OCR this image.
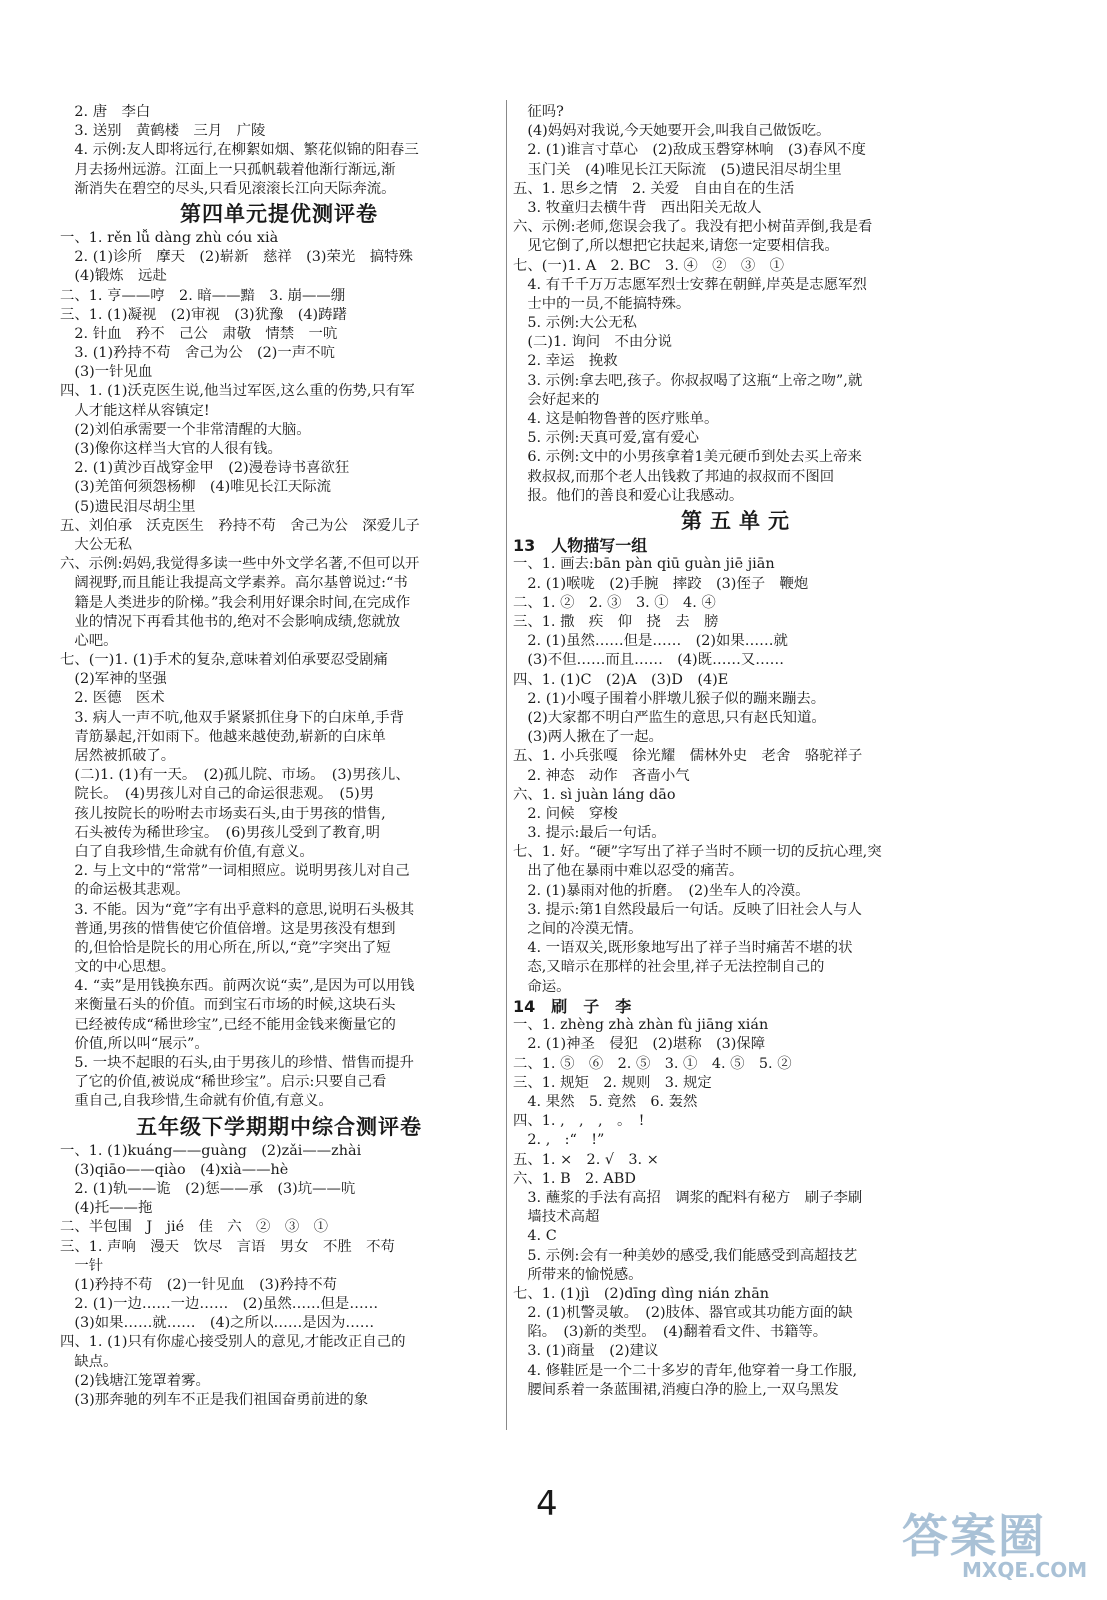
　2. 唐　李白
　3. 送别　黄鹤楼　三月　广陵
　4. 示例:友人即将远行,在柳絮如烟、繁花似锦的阳春三
　月去扬州远游。江面上一只孤帆载着他渐行渐远,渐
　渐消失在碧空的尽头,只看见滚滚长江向天际奔流。
第四单元提优测评卷
一、1. rěn lǚ dàng zhù cóu xià
　2. (1)诊所　摩天　(2)崭新　慈祥　(3)荣光　搞特殊
　(4)锻炼　远赴
二、1. 亨——哼　2. 暗——黯　3. 崩——绷
三、1. (1)凝视　(2)审视　(3)犹豫　(4)踌躇
　2. 针血　矜不　己公　肃敬　情禁　一吭
　3. (1)矜持不苟　舍己为公　(2)一声不吭
　(3)一针见血
四、1. (1)沃克医生说,他当过军医,这么重的伤势,只有军
　人才能这样从容镇定!
　(2)刘伯承需要一个非常清醒的大脑。
　(3)像你这样当大官的人很有钱。
　2. (1)黄沙百战穿金甲　(2)漫卷诗书喜欲狂
　(3)羌笛何须怨杨柳　(4)唯见长江天际流
　(5)遗民泪尽胡尘里
五、刘伯承　沃克医生　矜持不苟　舍己为公　深爱儿子
　大公无私
六、示例:妈妈,我觉得多读一些中外文学名著,不但可以开
　阔视野,而且能让我提高文学素养。高尔基曾说过:“书
　籍是人类进步的阶梯。”我会利用好课余时间,在完成作
　业的情况下再看其他书的,绝对不会影响成绩,您就放
　心吧。
七、(一)1. (1)手术的复杂,意味着刘伯承要忍受剧痛
　(2)军神的坚强
　2. 医德　医术
　3. 病人一声不吭,他双手紧紧抓住身下的白床单,手背
　青筋暴起,汗如雨下。他越来越使劲,崭新的白床单
　居然被抓破了。
　(二)1. (1)有一天。　(2)孤儿院、市场。　(3)男孩儿、
　院长。　(4)男孩儿对自己的命运很悲观。　(5)男
　孩儿按院长的吩咐去市场卖石头,由于男孩的惜售,
　石头被传为稀世珍宝。　(6)男孩儿受到了教育,明
　白了自我珍惜,生命就有价值,有意义。
　2. 与上文中的“常常”一词相照应。说明男孩儿对自己
　的命运极其悲观。
　3. 不能。因为“竟”字有出乎意料的意思,说明石头极其
　普通,男孩的惜售使它价值倍增。这是男孩没有想到
　的,但恰恰是院长的用心所在,所以,“竟”字突出了短
　文的中心思想。
　4. “卖”是用钱换东西。前两次说“卖”,是因为可以用钱
　来衡量石头的价值。而到宝石市场的时候,这块石头
　已经被传成“稀世珍宝”,已经不能用金钱来衡量它的
　价值,所以叫“展示”。
　5. 一块不起眼的石头,由于男孩儿的珍惜、惜售而提升
　了它的价值,被说成“稀世珍宝”。启示:只要自己看
　重自己,自我珍惜,生命就有价值,有意义。
五年级下学期期中综合测评卷
一、1. (1)kuáng——guàng　(2)zǎi——zhài
　(3)qiāo——qiào　(4)xià——hè
　2. (1)轨——诡　(2)惩——承　(3)坑——吭
　(4)托——拖
二、半包围　J　jié　佳　六　②　③　①
三、1. 声响　漫天　饮尽　言语　男女　不胜　不苟
　一针
　(1)矜持不苟　(2)一针见血　(3)矜持不苟
　2. (1)一边……一边……　(2)虽然……但是……
　(3)如果……就……　(4)之所以……是因为……
四、1. (1)只有你虚心接受别人的意见,才能改正自己的
　缺点。
　(2)钱塘江笼罩着雾。
　(3)那奔驰的列车不正是我们祖国奋勇前进的象
　征吗?
　(4)妈妈对我说,今天她要开会,叫我自己做饭吃。
　2. (1)谁言寸草心　(2)敌成玉磬穿林响　(3)春风不度
　玉门关　(4)唯见长江天际流　(5)遗民泪尽胡尘里
五、1. 思乡之情　2. 关爱　自由自在的生活
　3. 牧童归去横牛背　西出阳关无故人
六、示例:老师,您误会我了。我没有把小树苗弄倒,我是看
　见它倒了,所以想把它扶起来,请您一定要相信我。
七、(一)1. A　2. BC　3. ④　②　③　①
　4. 有千千万万志愿军烈士安葬在朝鲜,岸英是志愿军烈
　士中的一员,不能搞特殊。
　5. 示例:大公无私
　(二)1. 询问　不由分说
　2. 幸运　挽救
　3. 示例:拿去吧,孩子。你叔叔喝了这瓶“上帝之吻”,就
　会好起来的
　4. 这是帕物鲁普的医疗账单。
　5. 示例:天真可爱,富有爱心
　6. 示例:文中的小男孩拿着1美元硬币到处去买上帝来
　救叔叔,而那个老人出钱救了邦迪的叔叔而不图回
　报。他们的善良和爱心让我感动。
第五单元
13　人物描写一组
一、1. 画去:bān pàn qiū guàn jiē jiān
　2. (1)喉咙　(2)手腕　摔跤　(3)侄子　鞭炮
二、1. ②　2. ③　3. ①　4. ④
三、1. 撒　疾　仰　挠　去　膀
　2. (1)虽然……但是……　(2)如果……就
　(3)不但……而且……　(4)既……又……
四、1. (1)C　(2)A　(3)D　(4)E
　2. (1)小嘎子围着小胖墩儿猴子似的蹦来蹦去。
　(2)大家都不明白严监生的意思,只有赵氏知道。
　(3)两人揪在了一起。
五、1. 小兵张嘎　徐光耀　儒林外史　老舍　骆驼祥子
　2. 神态　动作　吝啬小气
六、1. sì juàn láng dāo
　2. 问候　穿梭
　3. 提示:最后一句话。
七、1. 好。“硬”字写出了祥子当时不顾一切的反抗心理,突
　出了他在暴雨中难以忍受的痛苦。
　2. (1)暴雨对他的折磨。　(2)坐车人的冷漠。
　3. 提示:第1自然段最后一句话。反映了旧社会人与人
　之间的冷漠无情。
　4. 一语双关,既形象地写出了祥子当时痛苦不堪的状
　态,又暗示在那样的社会里,祥子无法控制自己的
　命运。
14　刷　子　李
一、1. zhèng zhà zhàn fù jiāng xián
　2. (1)神圣　侵犯　(2)堪称　(3)保障
二、1. ⑤　⑥　2. ⑤　3. ①　4. ⑤　5. ②
三、1. 规矩　2. 规则　3. 规定
　4. 果然　5. 竟然　6. 轰然
四、1. ,　,　,　。　!
　2. ,　:“　!”
五、1. ×　2. √　3. ×
六、1. B　2. ABD
　3. 蘸浆的手法有高招　调浆的配料有秘方　刷子李刷
　墙技术高超
　4. C
　5. 示例:会有一种美妙的感受,我们能感受到高超技艺
　所带来的愉悦感。
七、1. (1)jì　(2)dīng dìng nián zhān
　2. (1)机警灵敏。　(2)肢体、器官或其功能方面的缺
　陷。　(3)新的类型。　(4)翻着看文件、书籍等。
　3. (1)商量　(2)建议
　4. 修鞋匠是一个二十多岁的青年,他穿着一身工作服,
　腰间系着一条蓝围裙,消瘦白净的脸上,一双乌黑发
4
答案圈
MXQE.COM
